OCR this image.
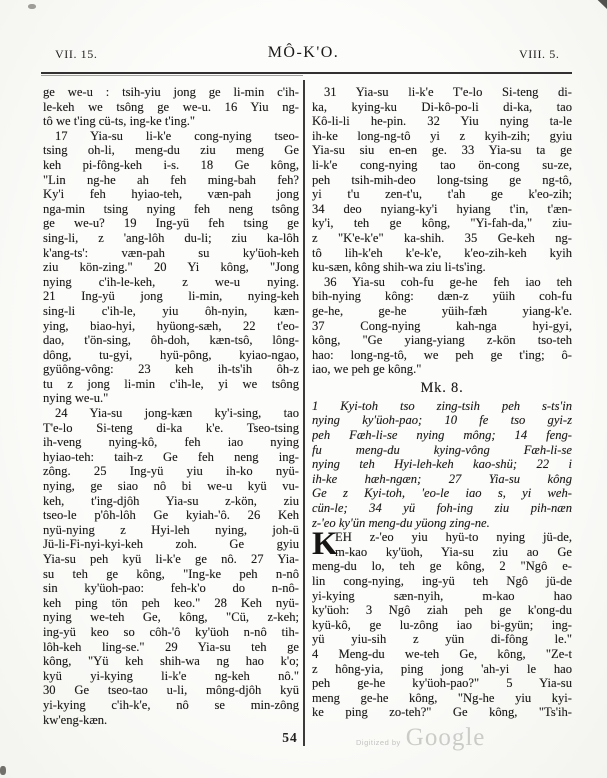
VII. 15.	MÔ-K'O.	VIII. 5.
ge we-u : tsih-yiu jong ge li-min c'ih-
le-keh we tsông ge we-u. 16 Yiu ng-
tô we t'ing cü-ts, ing-ke t'ing."
17 Yia-su li-k'e cong-nying tseo-
tsing oh-li, meng-du ziu meng Ge
keh pi-fông-keh i-s. 18 Ge kông,
"Lin ng-he ah feh ming-bah feh?
Ky'i feh hyiao-teh, væn-pah jong
nga-min tsing nying feh neng tsông
ge we-u? 19 Ing-yü feh tsing ge
sing-li, z 'ang-lôh du-li; ziu ka-lôh
k'ang-ts': væn-pah su ky'üoh-keh
ziu kön-zing." 20 Yi kông, "Jong
nying c'ih-le-keh, z we-u nying.
21 Ing-yü jong li-min, nying-keh
sing-li c'ih-le, yiu ôh-nyin, kæn-
ying, biao-hyi, hyüong-sæh, 22 t'eo-
dao, t'ön-sing, ôh-doh, kæn-tsô, lông-
dông, tu-gyi, hyü-pông, kyiao-ngao,
gyüông-vông: 23 keh ih-ts'ih ôh-z
tu z jong li-min c'ih-le, yi we tsông
nying we-u."
24 Yia-su jong-kæn ky'i-sing, tao
T'e-lo Si-teng di-ka k'e. Tseo-tsing
ih-veng nying-kô, feh iao nying
hyiao-teh: taih-z Ge feh neng ing-
zông. 25 Ing-yü yiu ih-ko nyü-
nying, ge siao nô bi we-u kyü vu-
keh, t'ing-djôh Yia-su z-kön, ziu
tseo-le p'ôh-lôh Ge kyiah-'ô. 26 Keh
nyü-nying z Hyi-leh nying, joh-ü
Jü-li-Fi-nyi-kyi-keh zoh. Ge gyiu
Yia-su peh kyü li-k'e ge nô. 27 Yia-
su teh ge kông, "Ing-ke peh n-nô
sin ky'üoh-pao: feh-k'o do n-nô-
keh ping tön peh keo." 28 Keh nyü-
nying we-teh Ge, kông, "Cü, z-keh;
ing-yü keo so côh-'ô ky'üoh n-nô tih-
lôh-keh ling-se." 29 Yia-su teh ge
kông, "Yü keh shih-wa ng hao k'o;
kyü yi-kying li-k'e ng-keh nô."
30 Ge tseo-tao u-li, mông-djôh kyü
yi-kying c'ih-k'e, nô se min-zông
kw'eng-kæn.
31 Yia-su li-k'e T'e-lo Si-teng di-
ka, kying-ku Di-kô-po-li di-ka, tao
Kô-li-li he-pin. 32 Yiu nying ta-le
ih-ke long-ng-tô yi z kyih-zih; gyiu
Yia-su siu en-en ge. 33 Yia-su ta ge
li-k'e cong-nying tao ön-cong su-ze,
peh tsih-mih-deo long-tsing ge ng-tô,
yi t'u zen-t'u, t'ah ge k'eo-zih;
34 deo nyiang-ky'i hyiang t'in, t'æn-
ky'i, teh ge kông, "Yi-fah-da," ziu-
z "K'e-k'e" ka-shih. 35 Ge-keh ng-
tô lih-k'eh k'e-k'e, k'eo-zih-keh kyih
ku-sæn, kông shih-wa ziu li-ts'ing.
36 Yia-su coh-fu ge-he feh iao teh
bih-nying kông: dæn-z yüih coh-fu
ge-he, ge-he yüih-fæh yiang-k'e.
37 Cong-nying kah-nga hyi-gyi,
kông, "Ge yiang-yiang z-kön tso-teh
hao: long-ng-tô, we peh ge t'ing; ô-
iao, we peh ge kông."
Mk. 8.
1 Kyi-toh tso zing-tsih peh s-ts'in
nying ky'üoh-pao; 10 fe tso gyi-z
peh Fæh-li-se nying mông; 14 feng-
fu meng-du kying-vông Fæh-li-se
nying teh Hyi-leh-keh kao-shü; 22 i
ih-ke hæh-ngæn; 27 Yia-su kông
Ge z Kyi-toh, 'eo-le iao s, yi weh-
cün-le; 34 yü foh-ing ziu pih-næn
z-'eo ky'ün meng-du yüong zing-ne.
K
EH z-'eo yiu hyü-to nying jü-de,
m-kao ky'üoh, Yia-su ziu ao Ge
meng-du lo, teh ge kông, 2 "Ngô e-
lin cong-nying, ing-yü teh Ngô jü-de
yi-kying sæn-nyih, m-kao hao
ky'üoh: 3 Ngô ziah peh ge k'ong-du
kyü-kô, ge lu-zông iao bi-gyün; ing-
yü yiu-sih z yün di-fông le."
4 Meng-du we-teh Ge, kông, "Ze-t
z hông-yia, ping jong 'ah-yi le hao
peh ge-he ky'üoh-pao?" 5 Yia-su
meng ge-he kông, "Ng-he yiu kyi-
ke ping zo-teh?" Ge kông, "Ts'ih-
54	Digitized by Google
